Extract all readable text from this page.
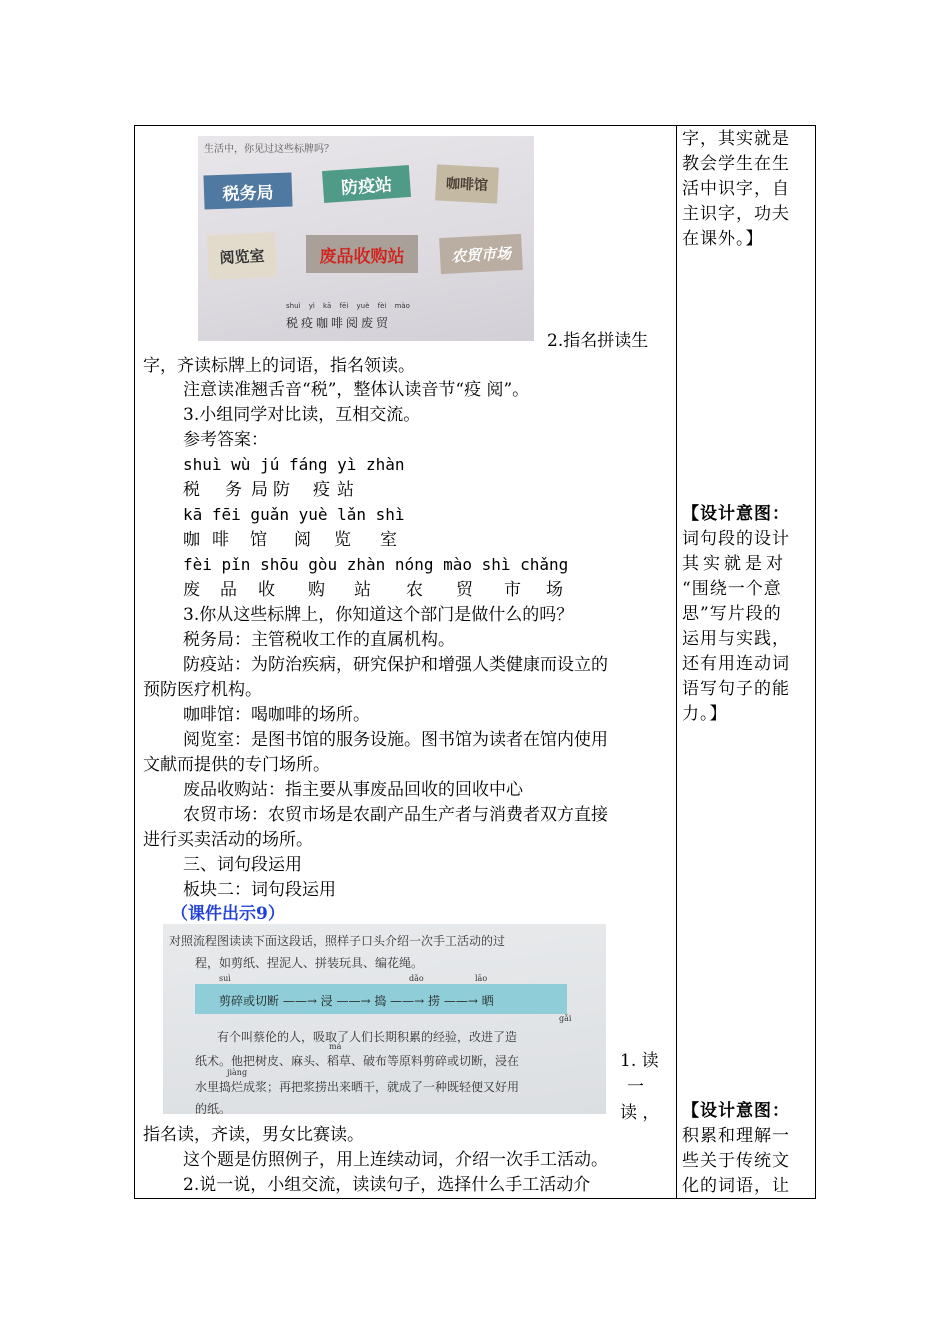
生活中，你见过这些标牌吗？
税务局	防疫站	咖啡馆
阅览室	废品收购站	农贸市场
shuì yì kā fēi yuè fèi mào
税疫咖啡阅废贸
2.指名拼读生
字，齐读标牌上的词语，指名领读。
注意读准翘舌音“税”，整体认读音节“疫 阅”。
3.小组同学对比读，互相交流。
参考答案：
shuì wù jú fáng yì zhàn
税 务 局 防 疫 站
kā fēi guǎn yuè lǎn shì
咖 啡 馆 阅 览 室
fèi pǐn shōu gòu zhàn nóng mào shì chǎng
废 品 收 购 站 农 贸 市 场
3.你从这些标牌上，你知道这个部门是做什么的吗？
税务局：主管税收工作的直属机构。
防疫站：为防治疾病，研究保护和增强人类健康而设立的
预防医疗机构。
咖啡馆：喝咖啡的场所。
阅览室：是图书馆的服务设施。图书馆为读者在馆内使用
文献而提供的专门场所。
废品收购站：指主要从事废品回收的回收中心
农贸市场：农贸市场是农副产品生产者与消费者双方直接
进行买卖活动的场所。
三、词句段运用
板块二：词句段运用
（课件出示9）
对照流程图读读下面这段话，照样子口头介绍一次手工活动的过
程，如剪纸、捏泥人、拼装玩具、编花绳。
suì	dǎo	lāo
gǎi
剪碎或切断 ——→ 浸 ——→ 捣 ——→ 捞 ——→ 晒
有个叫蔡伦的人，吸取了人们长期积累的经验，改进了造
má
纸术。他把树皮、麻头、稻草、破布等原料剪碎或切断，浸在
jiàng
水里捣烂成浆；再把浆捞出来晒干，就成了一种既轻便又好用
的纸。
1. 读
一
读 ，
指名读，齐读，男女比赛读。
这个题是仿照例子，用上连续动词，介绍一次手工活动。
2.说一说，小组交流，读读句子，选择什么手工活动介
字，其实就是
教会学生在生
活中识字，自
主识字，功夫
在课外。】
【设计意图：
词句段的设计
其实就是对
“围绕一个意
思”写片段的
运用与实践，
还有用连动词
语写句子的能
力。】
【设计意图：
积累和理解一
些关于传统文
化的词语，让
